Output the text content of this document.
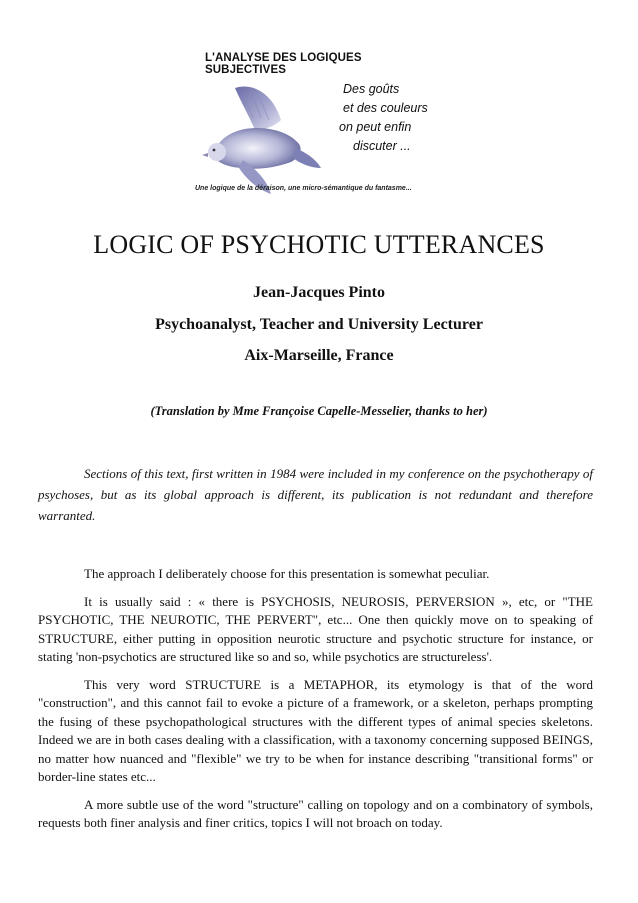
L'ANALYSE DES LOGIQUES SUBJECTIVES
Des goûts
et des couleurs
on peut enfin
discuter ...
Une logique de la déraison, une micro-sémantique du fantasme...
LOGIC OF PSYCHOTIC UTTERANCES
Jean-Jacques Pinto
Psychoanalyst, Teacher and University Lecturer
Aix-Marseille, France
(Translation by Mme Françoise Capelle-Messelier, thanks to her)

Sections of this text, first written in 1984 were included in my conference on the psychotherapy of psychoses, but as its global approach is different, its publication is not redundant and therefore warranted.

The approach I deliberately choose for this presentation is somewhat peculiar.

It is usually said : « there is PSYCHOSIS, NEUROSIS, PERVERSION », etc, or "THE PSYCHOTIC, THE NEUROTIC, THE PERVERT", etc... One then quickly move on to speaking of STRUCTURE, either putting in opposition neurotic structure and psychotic structure for instance, or stating 'non-psychotics are structured like so and so, while psychotics are structureless'.

This very word STRUCTURE is a METAPHOR, its etymology is that of the word "construction", and this cannot fail to evoke a picture of a framework, or a skeleton, perhaps prompting the fusing of these psychopathological structures with the different types of animal species skeletons. Indeed we are in both cases dealing with a classification, with a taxonomy concerning supposed BEINGS, no matter how nuanced and "flexible" we try to be when for instance describing "transitional forms" or border-line states etc...

A more subtle use of the word "structure" calling on topology and on a combinatory of symbols, requests both finer analysis and finer critics, topics I will not broach on today.
